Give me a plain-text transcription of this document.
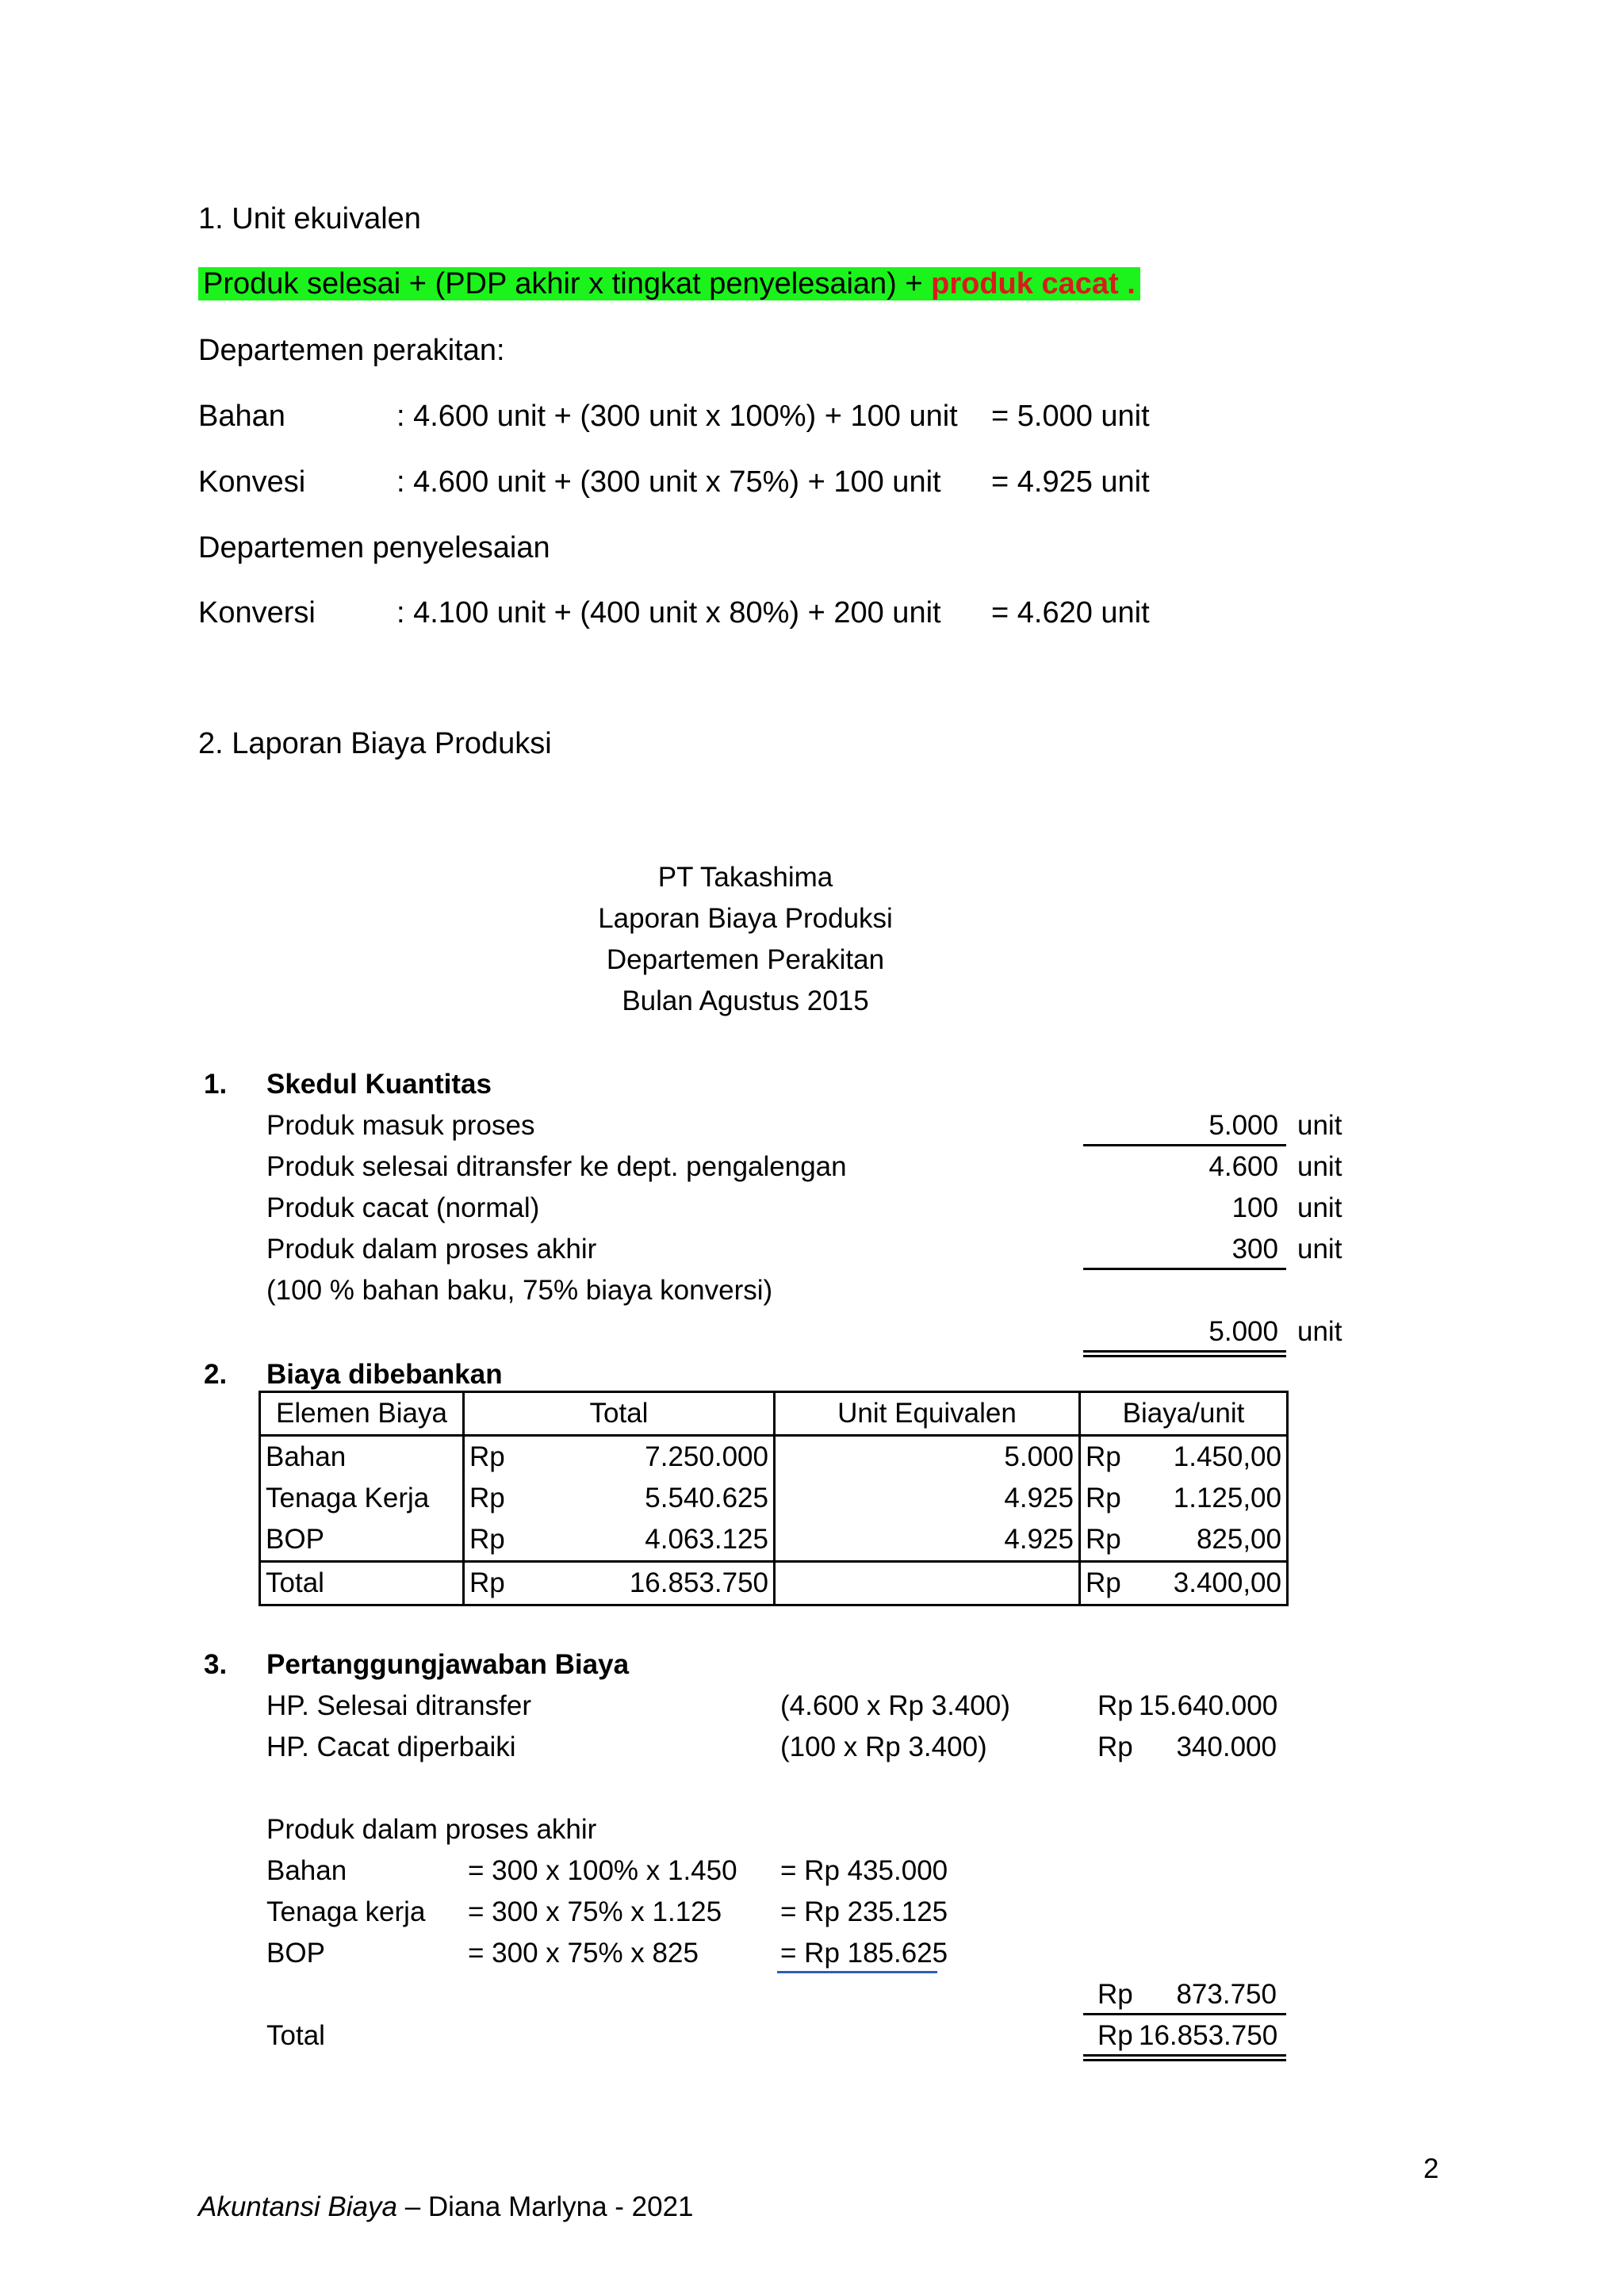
1. Unit ekuivalen
Produk selesai + (PDP akhir x tingkat penyelesaian) + produk cacat .
Departemen perakitan:
Bahan	: 4.600 unit + (300 unit x 100%) + 100 unit = 5.000 unit
Konvesi	: 4.600 unit + (300 unit x 75%) + 100 unit = 4.925 unit
Departemen penyelesaian
Konversi	: 4.100 unit + (400 unit x 80%) + 200 unit = 4.620 unit
2. Laporan Biaya Produksi
PT Takashima
Laporan Biaya Produksi
Departemen Perakitan
Bulan Agustus 2015
1. Skedul Kuantitas
Produk masuk proses	5.000 unit
Produk selesai ditransfer ke dept. pengalengan	4.600 unit
Produk cacat (normal)	100 unit
Produk dalam proses akhir	300 unit
(100 % bahan baku, 75% biaya konversi)
5.000 unit
2. Biaya dibebankan
Elemen Biaya	Total	Unit Equivalen	Biaya/unit
Bahan	Rp 7.250.000	5.000	Rp 1.450,00

Tenaga Kerja	Rp 5.540.625	4.925	Rp 1.125,00

BOP	Rp 4.063.125	4.925	Rp 825,00

Total	Rp 16.853.750		Rp 3.400,00
3. Pertanggungjawaban Biaya
HP. Selesai ditransfer	(4.600 x Rp 3.400)	Rp 15.640.000
HP. Cacat diperbaiki	(100 x Rp 3.400)	Rp	340.000
Produk dalam proses akhir
Bahan	= 300 x 100% x 1.450 = Rp 435.000
Tenaga kerja = 300 x 75% x 1.125 = Rp 235.125
BOP	= 300 x 75% x 825	= Rp 185.625
Rp	873.750
Total	Rp 16.853.750
2
Akuntansi Biaya – Diana Marlyna - 2021
